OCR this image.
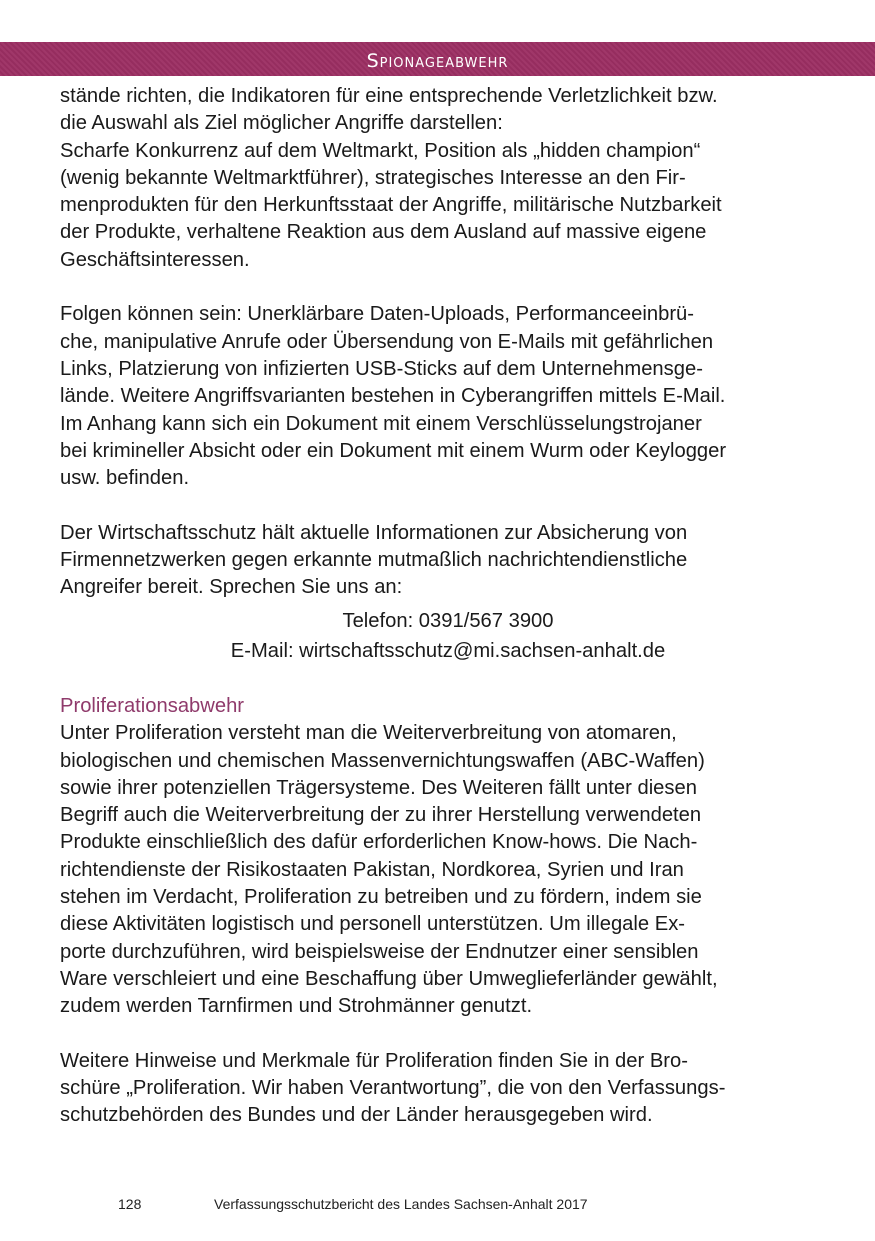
Spionageabwehr

stände richten, die Indikatoren für eine entsprechende Verletzlichkeit bzw.
die Auswahl als Ziel möglicher Angriffe darstellen:
Scharfe Konkurrenz auf dem Weltmarkt, Position als „hidden champion“
(wenig bekannte Weltmarktführer), strategisches Interesse an den Fir-
menprodukten für den Herkunftsstaat der Angriffe, militärische Nutzbarkeit
der Produkte, verhaltene Reaktion aus dem Ausland auf massive eigene
Geschäftsinteressen.

Folgen können sein: Unerklärbare Daten-Uploads, Performanceeinbrü-
che, manipulative Anrufe oder Übersendung von E-Mails mit gefährlichen
Links, Platzierung von infizierten USB-Sticks auf dem Unternehmensge-
lände. Weitere Angriffsvarianten bestehen in Cyberangriffen mittels E-Mail.
Im Anhang kann sich ein Dokument mit einem Verschlüsselungstrojaner
bei krimineller Absicht oder ein Dokument mit einem Wurm oder Keylogger
usw. befinden.

Der Wirtschaftsschutz hält aktuelle Informationen zur Absicherung von
Firmennetzwerken gegen erkannte mutmaßlich nachrichtendienstliche
Angreifer bereit. Sprechen Sie uns an:

Telefon: 0391/567 3900

E-Mail: wirtschaftsschutz@mi.sachsen-anhalt.de

Proliferationsabwehr

Unter Proliferation versteht man die Weiterverbreitung von atomaren,
biologischen und chemischen Massenvernichtungswaffen (ABC-Waffen)
sowie ihrer potenziellen Trägersysteme. Des Weiteren fällt unter diesen
Begriff auch die Weiterverbreitung der zu ihrer Herstellung verwendeten
Produkte einschließlich des dafür erforderlichen Know-hows. Die Nach-
richtendienste der Risikostaaten Pakistan, Nordkorea, Syrien und Iran
stehen im Verdacht, Proliferation zu betreiben und zu fördern, indem sie
diese Aktivitäten logistisch und personell unterstützen. Um illegale Ex-
porte durchzuführen, wird beispielsweise der Endnutzer einer sensiblen
Ware verschleiert und eine Beschaffung über Umweglieferländer gewählt,
zudem werden Tarnfirmen und Strohmänner genutzt.

Weitere Hinweise und Merkmale für Proliferation finden Sie in der Bro-
schüre „Proliferation. Wir haben Verantwortung”, die von den Verfassungs-
schutzbehörden des Bundes und der Länder herausgegeben wird.

128	Verfassungsschutzbericht des Landes Sachsen-Anhalt 2017
